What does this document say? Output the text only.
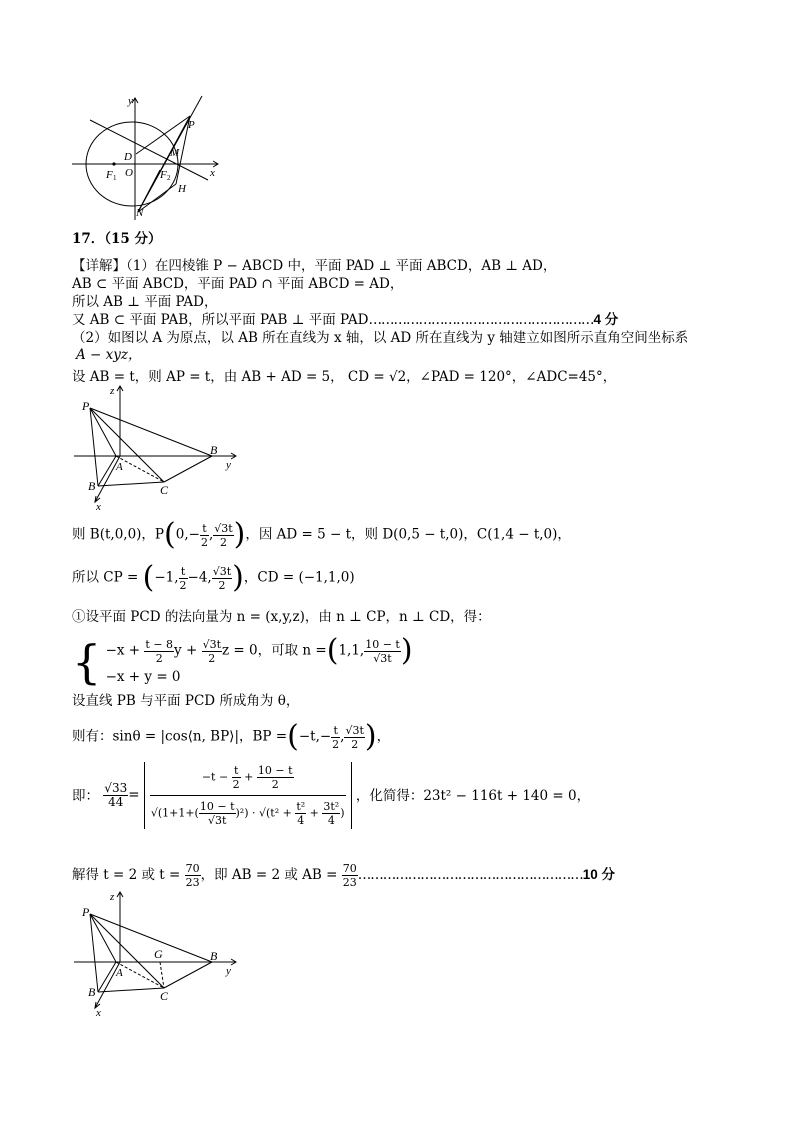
y
x
P
D	M
F 1 O F 2
H
N
17．（15 分）
【详解】（1）在四棱锥 P − ABCD 中，平面 PAD ⊥ 平面 ABCD，AB ⊥ AD，
AB ⊂ 平面 ABCD，平面 PAD ∩ 平面 ABCD = AD，
所以 AB ⊥ 平面 PAD，
又 AB ⊂ 平面 PAB，所以平面 PAB ⊥ 平面 PAD………………………………………………4 分
（2）如图以 A 为原点，以 AB 所在直线为 x 轴，以 AD 所在直线为 y 轴建立如图所示直角空间坐标系
A − xyz，
设 AB = t，则 AP = t，由 AB + AD = 5， CD = √2，∠PAD = 120°，∠ADC=45°，
P
z
A
B
y
B	C
x
则 B(t,0,0)，$P(0,- \frac{t}{2}$ , $\frac{√3t}{2}$ )，因 AD = 5 − t，则 D(0,5 − t,0)，C(1,4 − t,0)，
所以 CP = (−1, $\frac{t}{2} -4$, $\frac{√3t}{2}$ )，CD = (−1,1,0)
①设平面 PCD 的法向量为 n = (x,y,z)，由 n ⊥ CP，n ⊥ CD，得：
{ $-x + \frac{t - 8}{2}$ $y + \frac{√3t}{2}$ z = 0，可取 n =(1,1, $\frac{10 - t}{√3t}$ )
−x + y = 0
设直线 PB 与平面 PCD 所成角为 θ，
则有：sinθ = |cos⟨n, BP⟩|，BP $=(-t,- \frac{t}{2}$ , $\frac{√3t}{2}$ )，
即： $\frac{√33}{44} = \frac{-t - \frac{t}{2} + \frac{10 - t}{2}}{√(1+1+( \frac{10 - t}{√3t} )^2) \cdot √(t^2 + \frac{\text{t²}}{4} + \frac{\text{3t²}}{4} )}$ ，化简得：23t² − 116t + 140 = 0，
解得 t = 2 或 $t = \frac{70}{23}$ ，即 AB = 2 或 AB = $\frac{70}{23}$ ………………………………………………10 分
P
z
A
G	B
y
B	C
x
